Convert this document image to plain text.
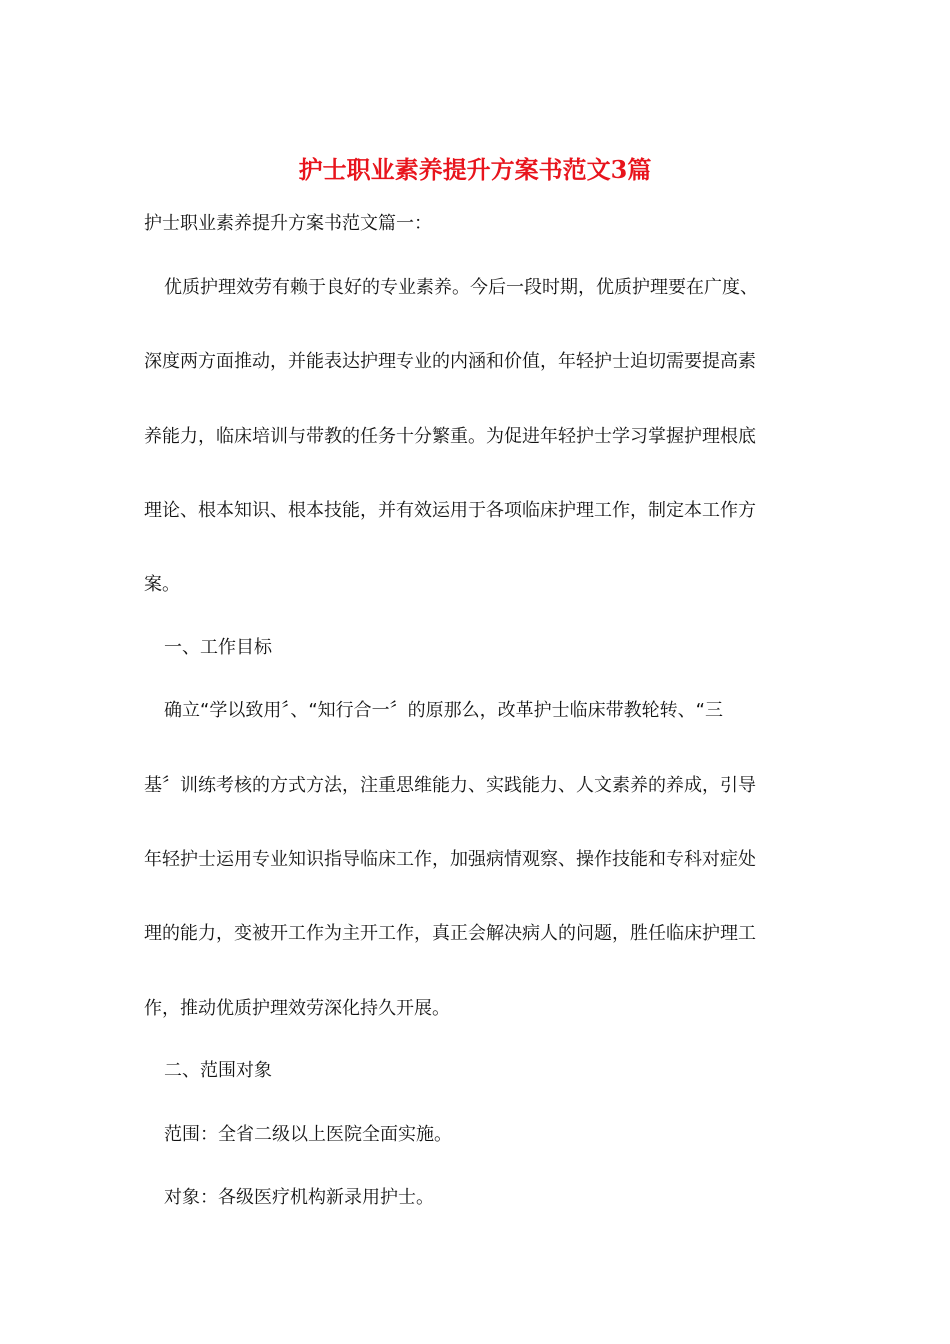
护士职业素养提升方案书范文3篇

护士职业素养提升方案书范文篇一：

优质护理效劳有赖于良好的专业素养。今后一段时期，优质护理要在广度、

深度两方面推动，并能表达护理专业的内涵和价值，年轻护士迫切需要提高素

养能力，临床培训与带教的任务十分繁重。为促进年轻护士学习掌握护理根底

理论、根本知识、根本技能，并有效运用于各项临床护理工作，制定本工作方

案。

一、工作目标

确立“学以致用〞、“知行合一〞的原那么，改革护士临床带教轮转、“三

基〞训练考核的方式方法，注重思维能力、实践能力、人文素养的养成，引导

年轻护士运用专业知识指导临床工作，加强病情观察、操作技能和专科对症处

理的能力，变被开工作为主开工作，真正会解决病人的问题，胜任临床护理工

作，推动优质护理效劳深化持久开展。

二、范围对象

范围：全省二级以上医院全面实施。

对象：各级医疗机构新录用护士。
